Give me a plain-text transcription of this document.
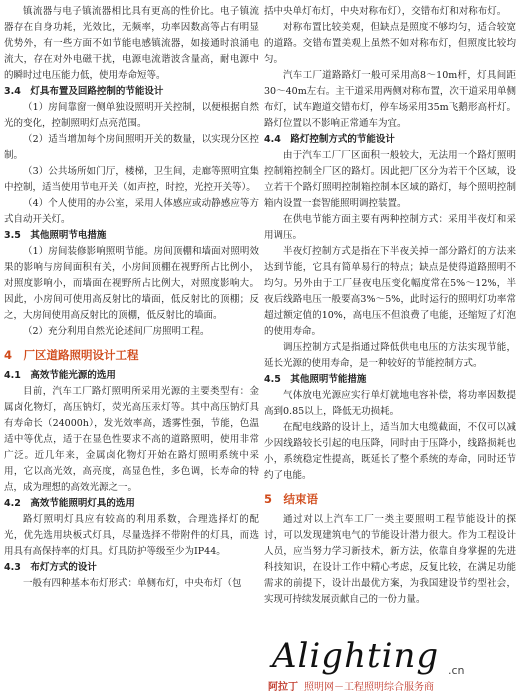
镇流器与电子镇流器相比具有更高的性价比。电子镇流器存在自身功耗，光效比，无频率，功率因数高等占有明显优势外，有一些方面不如节能电感镇流器，如接通时浪涌电流大，存在对外电磁干扰，电源电流谐波含量高，耐电源中的瞬时过电压能力低，使用寿命短等。

3.4　灯具布置及回路控制的节能设计

（1）房间靠窗一侧单独设照明开关控制，以便根据自然光的变化，控制照明灯点亮范围。

（2）适当增加每个房间照明开关的数量，以实现分区控制。

（3）公共场所如门厅，楼梯，卫生间，走廊等照明宜集中控制，适当使用节电开关（如声控，时控，光控开关等）。

（4）个人使用的办公室，采用人体感应或动静感应等方式自动开关灯。

3.5　其他照明节电措施

（1）房间装修影响照明节能。房间顶棚和墙面对照明效果的影响与房间面积有关，小房间顶棚在视野所占比例小，对照度影响小，而墙面在视野所占比例大，对照度影响大。因此，小房间可使用高反射比的墙面，低反射比的顶棚；反之，大房间使用高反射比的顶棚，低反射比的墙面。

（2）充分利用自然光论述间厂房照明工程。

4　厂区道路照明设计工程
4.1　高效节能光源的选用

目前，汽车工厂路灯照明所采用光源的主要类型有：金属卤化物灯，高压钠灯，荧光高压汞灯等。其中高压钠灯具有寿命长（24000h），发光效率高，透雾性强，节能，色温适中等优点，适于在显色性要求不高的道路照明，使用非常广泛。近几年来，金属卤化物灯开始在路灯照明系统中采用，它以高光效，高亮度，高显色性，多色调，长寿命的特点，成为理想的高效光源之一。

4.2　高效节能照明灯具的选用

路灯照明灯具应有较高的利用系数，合理选择灯的配光，优先选用块板式灯具，尽量选择不带附件的灯具，而选用具有高保持率的灯具。灯具防护等级至少为IP44。

4.3　布灯方式的设计

一般有四种基本布灯形式：单侧布灯，中央布灯（包

括中央单灯布灯，中央对称布灯），交错布灯和对称布灯。

对称布置比较美观，但缺点是照度不够均匀，适合较宽的道路。交错布置美观上虽然不如对称布灯，但照度比较均匀。

汽车工厂道路路灯一般可采用高8～10m杆，灯具间距30～40m左右。主干道采用两侧对称布置，次干道采用单侧布灯，试车跑道交错布灯，停车场采用35m飞鹅形高杆灯。路灯位置以不影响正常通车为宜。

4.4　路灯控制方式的节能设计

由于汽车工厂厂区面积一般较大，无法用一个路灯照明控制箱控制全厂区的路灯。因此把厂区分为若干个区域，设立若干个路灯照明控制箱控制本区域的路灯，每个照明控制箱内设置一套智能照明调控装置。

在供电节能方面主要有两种控制方式：采用半夜灯和采用调压。

半夜灯控制方式是指在下半夜关掉一部分路灯的方法来达到节能，它具有简单易行的特点；缺点是使得道路照明不均匀。另外由于工厂昼夜电压变化幅度常在5%～12%，半夜后线路电压一般要高3%～5%，此时运行的照明灯功率常超过额定值的10%，高电压不但浪费了电能，还缩短了灯泡的使用寿命。

调压控制方式是指通过降低供电电压的方法实现节能，延长光源的使用寿命，是一种较好的节能控制方式。

4.5　其他照明节能措施

气体放电光源应实行单灯就地电容补偿，将功率因数提高到0.85以上，降低无功损耗。

在配电线路的设计上，适当加大电缆截面，不仅可以减少因线路较长引起的电压降，同时由于压降小，线路损耗也小，系统稳定性提高，既延长了整个系统的寿命，同时还节约了电能。

5　结束语

通过对以上汽车工厂一类主要照明工程节能设计的探讨，可以发现建筑电气的节能设计潜力很大。作为工程设计人员，应当努力学习新技术，新方法，依靠自身掌握的先进科技知识，在设计工作中精心考虑，反复比较，在满足功能需求的前提下，设计出最优方案，为我国建设节约型社会，实现可持续发展贡献自己的一份力量。

Alighting .cn
阿拉丁 照明网－工程照明综合服务商
